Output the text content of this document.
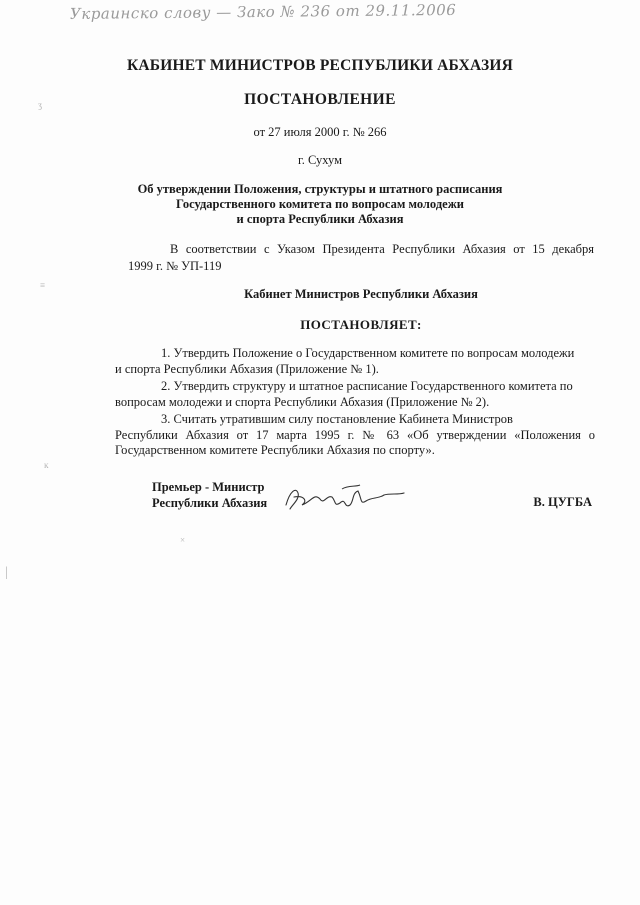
Украинско слову — Зако № 236 от 29.11.2006
КАБИНЕТ МИНИСТРОВ РЕСПУБЛИКИ АБХАЗИЯ
ПОСТАНОВЛЕНИЕ
от 27 июля 2000 г. № 266
г. Сухум
Об утверждении Положения, структуры и штатного расписания
Государственного комитета по вопросам молодежи
и спорта Республики Абхазия
В соответствии с Указом Президента Республики Абхазия от 15 декабря
1999 г. № УП-119
Кабинет Министров Республики Абхазия
ПОСТАНОВЛЯЕТ:
1. Утвердить Положение о Государственном комитете по вопросам молодежи
и спорта Республики Абхазия (Приложение № 1).
2. Утвердить структуру и штатное расписание Государственного комитета по
вопросам молодежи и спорта Республики Абхазия (Приложение № 2).
3. Считать утратившим силу постановление Кабинета Министров
Республики Абхазия от 17 марта 1995 г. № 63 «Об утверждении «Положения о Государственном комитете Республики Абхазия по спорту».
Премьер - Министр
Республики Абхазия	В. ЦУГБА
ʒ
≡
ĸ
|
×
